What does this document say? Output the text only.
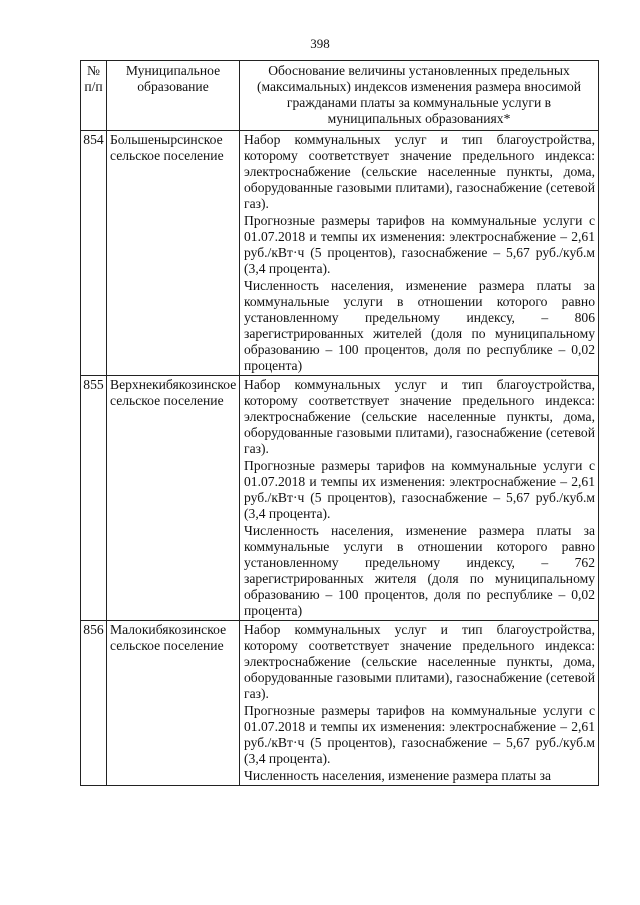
398
№ п/п	Муниципальное образование	Обоснование величины установленных предельных (максимальных) индексов изменения размера вносимой гражданами платы за коммунальные услуги в муниципальных образованиях*
854	Большенырсинское сельское поселение	Набор коммунальных услуг и тип благоустройства, которому соответствует значение предельного индекса: электроснабжение (сельские населенные пункты, дома, оборудованные газовыми плитами), газоснабжение (сетевой газ).

Прогнозные размеры тарифов на коммунальные услуги с 01.07.2018 и темпы их изменения: электроснабжение – 2,61 руб./кВт·ч (5 процентов), газоснабжение – 5,67 руб./куб.м (3,4 процента).

Численность населения, изменение размера платы за коммунальные услуги в отношении которого равно установленному предельному индексу, – 806 зарегистрированных жителей (доля по муниципальному образованию – 100 процентов, доля по республике – 0,02 процента)

855	Верхнекибякозинское сельское поселение	Набор коммунальных услуг и тип благоустройства, которому соответствует значение предельного индекса: электроснабжение (сельские населенные пункты, дома, оборудованные газовыми плитами), газоснабжение (сетевой газ).

Прогнозные размеры тарифов на коммунальные услуги с 01.07.2018 и темпы их изменения: электроснабжение – 2,61 руб./кВт·ч (5 процентов), газоснабжение – 5,67 руб./куб.м (3,4 процента).

Численность населения, изменение размера платы за коммунальные услуги в отношении которого равно установленному предельному индексу, – 762 зарегистрированных жителя (доля по муниципальному образованию – 100 процентов, доля по республике – 0,02 процента)

856	Малокибякозинское сельское поселение	Набор коммунальных услуг и тип благоустройства, которому соответствует значение предельного индекса: электроснабжение (сельские населенные пункты, дома, оборудованные газовыми плитами), газоснабжение (сетевой газ).

Прогнозные размеры тарифов на коммунальные услуги с 01.07.2018 и темпы их изменения: электроснабжение – 2,61 руб./кВт·ч (5 процентов), газоснабжение – 5,67 руб./куб.м (3,4 процента).

Численность населения, изменение размера платы за
